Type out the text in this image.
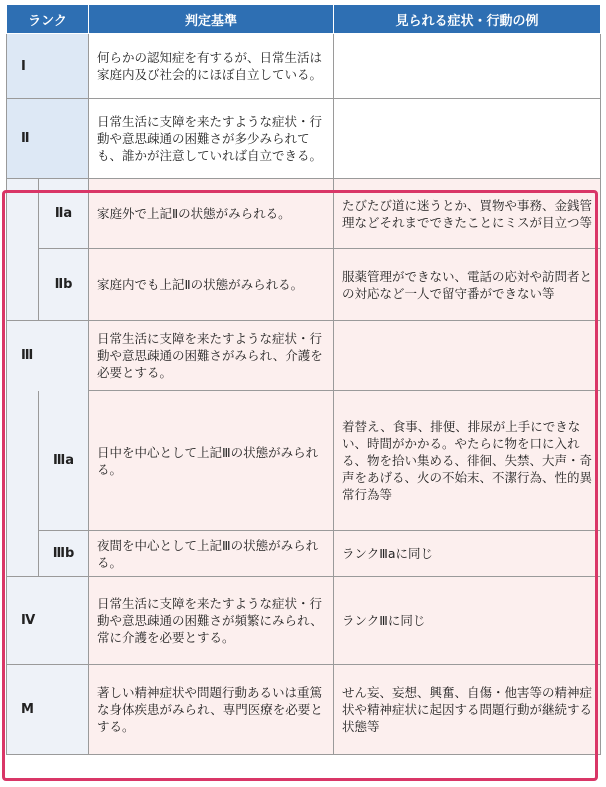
ランク		判定基準	見られる症状・行動の例
Ⅰ		何らかの認知症を有するが、日常生活は家庭内及び社会的にほぼ自立している。	
Ⅱ		日常生活に支障を来たすような症状・行動や意思疎通の困難さが多少みられても、誰かが注意していれば自立できる。	
	Ⅱa	家庭外で上記Ⅱの状態がみられる。	たびたび道に迷うとか、買物や事務、金銭管理などそれまでできたことにミスが目立つ等
	Ⅱb	家庭内でも上記Ⅱの状態がみられる。	服薬管理ができない、電話の応対や訪問者との対応など一人で留守番ができない等
Ⅲ		日常生活に支障を来たすような症状・行動や意思疎通の困難さがみられ、介護を必要とする。	
	Ⅲa	日中を中心として上記Ⅲの状態がみられる。	着替え、食事、排便、排尿が上手にできない、時間がかかる。やたらに物を口に入れる、物を拾い集める、徘徊、失禁、大声・奇声をあげる、火の不始末、不潔行為、性的異常行為等
	Ⅲb	夜間を中心として上記Ⅲの状態がみられる。	ランクⅢaに同じ
Ⅳ		日常生活に支障を来たすような症状・行動や意思疎通の困難さが頻繁にみられ、常に介護を必要とする。	ランクⅢに同じ
M		著しい精神症状や問題行動あるいは重篤な身体疾患がみられ、専門医療を必要とする。	せん妄、妄想、興奮、自傷・他害等の精神症状や精神症状に起因する問題行動が継続する状態等
